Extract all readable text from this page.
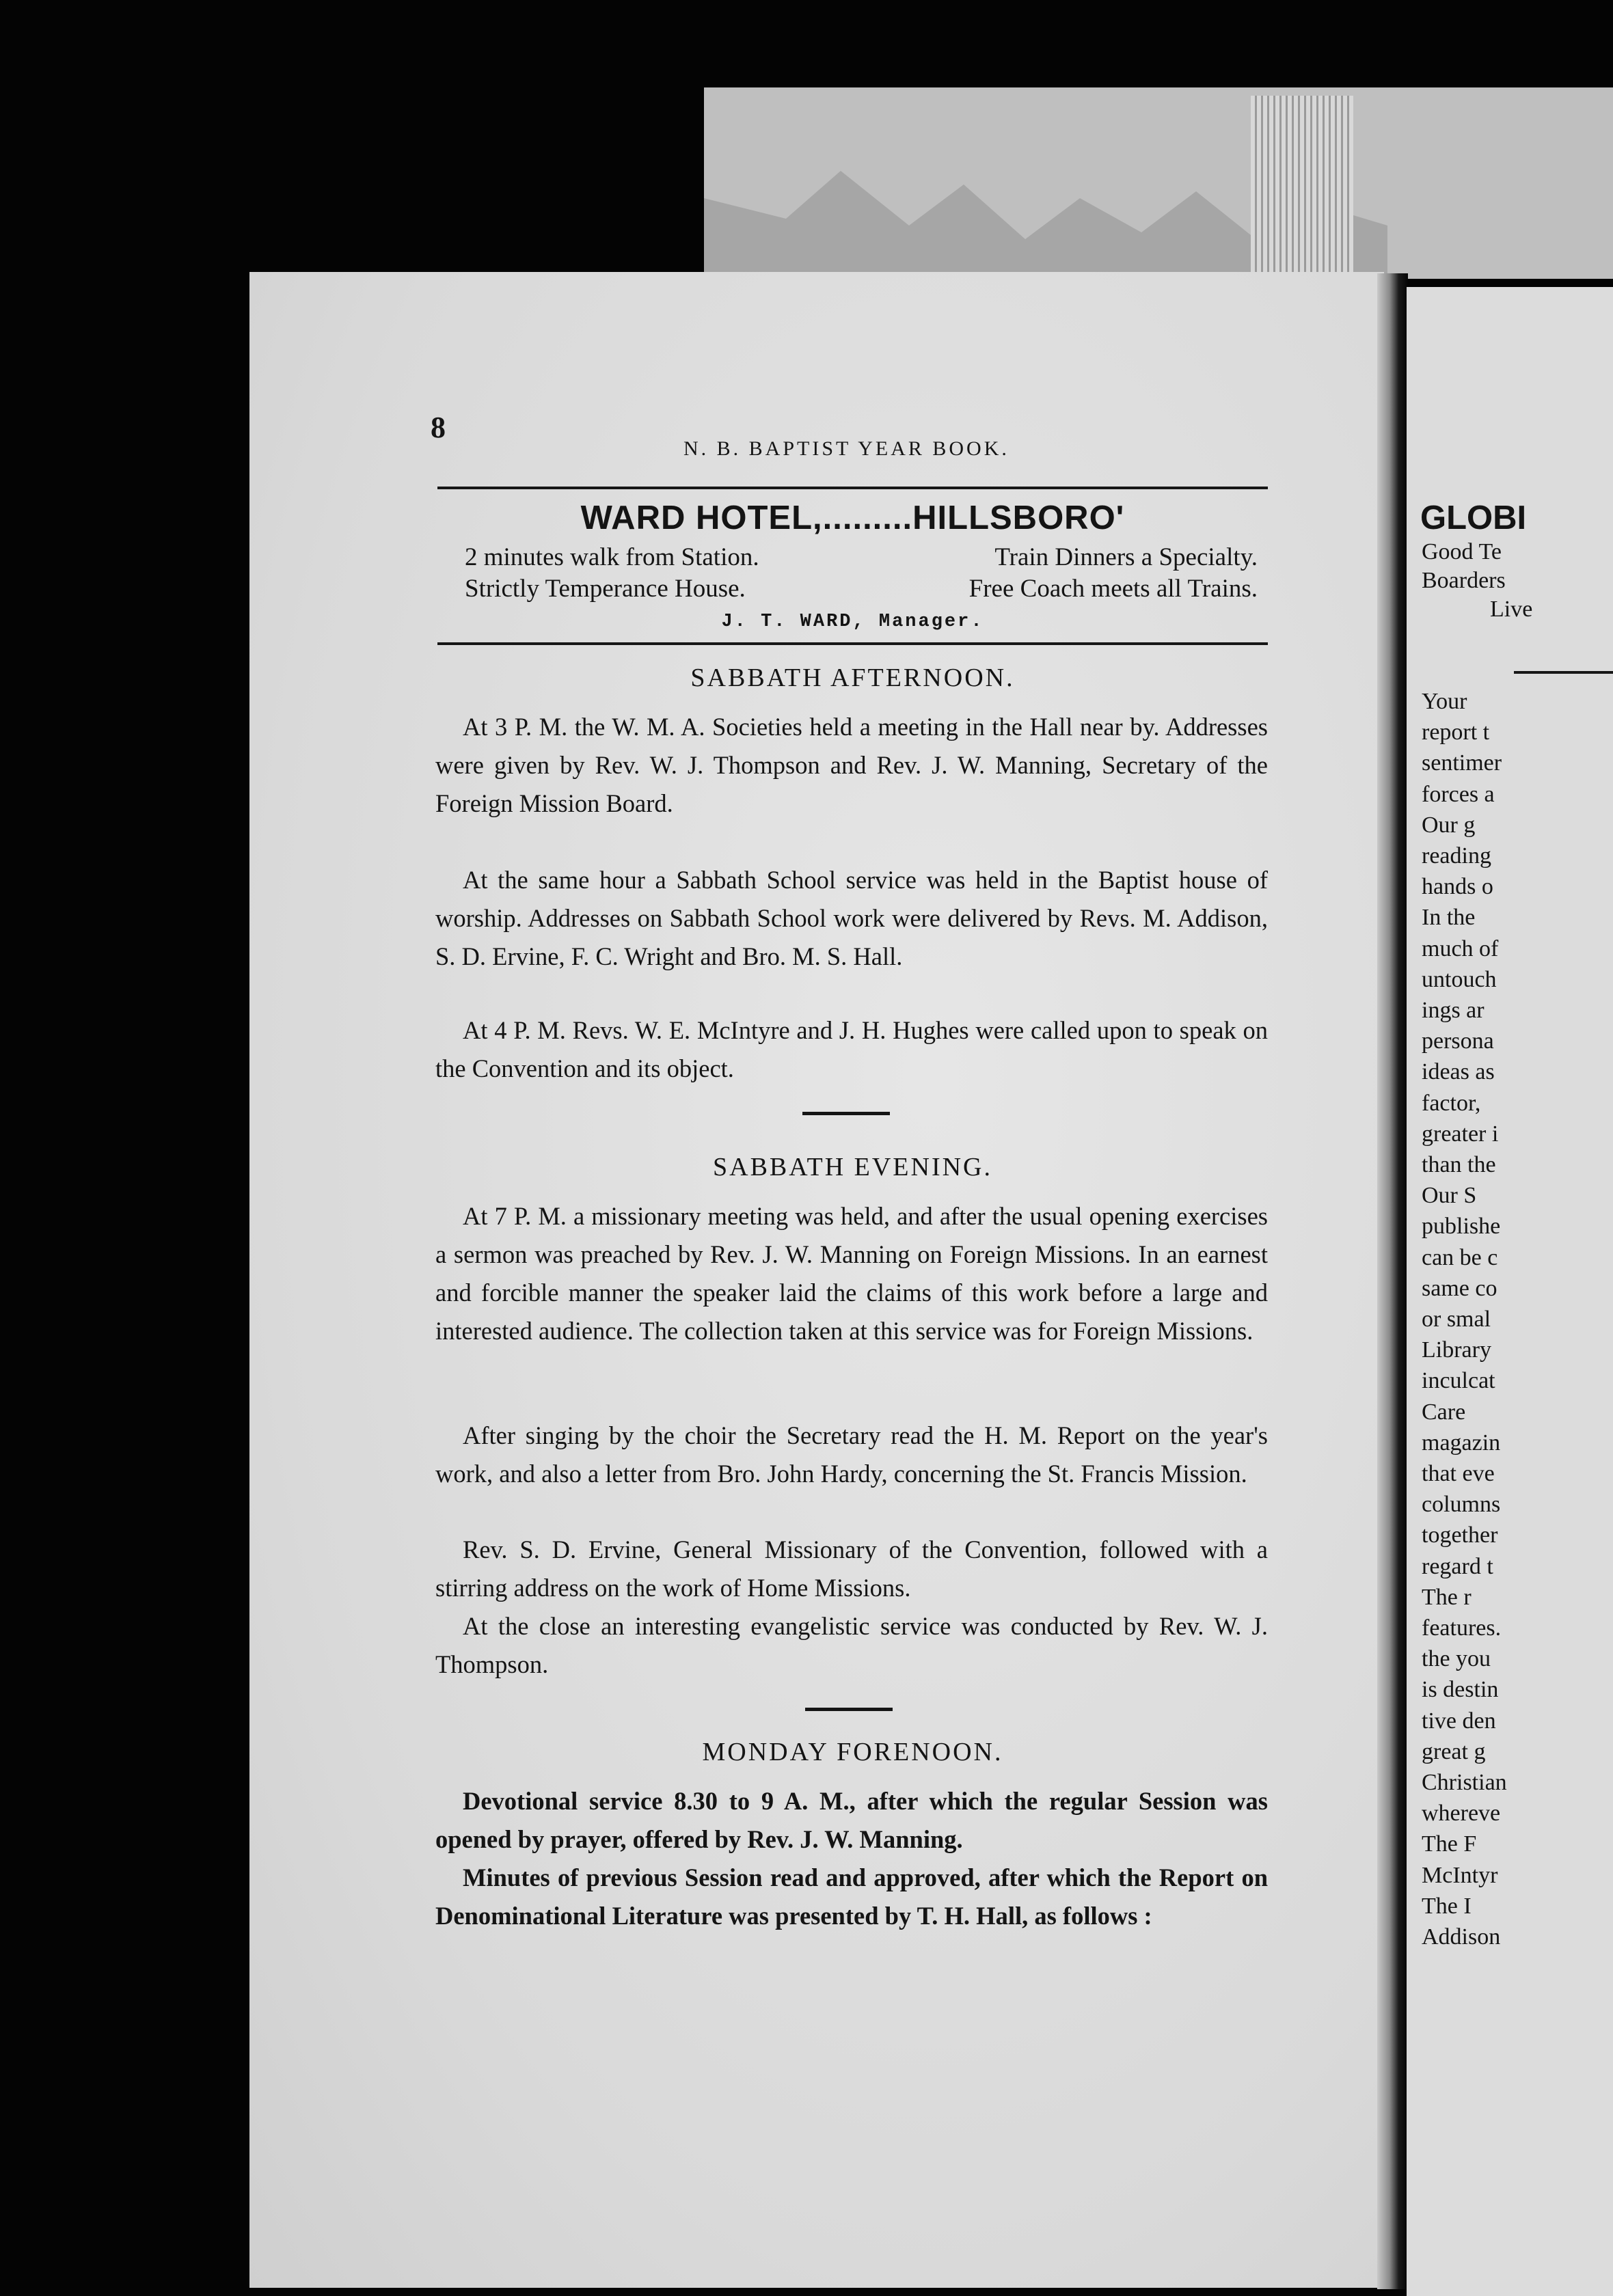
8
N. B. BAPTIST YEAR BOOK.
WARD HOTEL,.........HILLSBORO'
2 minutes walk from Station.	Train Dinners a Specialty.
Strictly Temperance House.	Free Coach meets all Trains.
J. T. WARD, Manager.
SABBATH AFTERNOON.

At 3 P. M. the W. M. A. Societies held a meeting in the Hall near by. Addresses were given by Rev. W. J. Thompson and Rev. J. W. Manning, Secretary of the Foreign Mission Board.

At the same hour a Sabbath School service was held in the Baptist house of worship. Addresses on Sabbath School work were delivered by Revs. M. Addison, S. D. Ervine, F. C. Wright and Bro. M. S. Hall.

At 4 P. M. Revs. W. E. McIntyre and J. H. Hughes were called upon to speak on the Convention and its object.

SABBATH EVENING.

At 7 P. M. a missionary meeting was held, and after the usual opening exercises a sermon was preached by Rev. J. W. Manning on Foreign Missions. In an earnest and forcible manner the speaker laid the claims of this work before a large and interested audience. The collection taken at this service was for Foreign Missions.

After singing by the choir the Secretary read the H. M. Report on the year's work, and also a letter from Bro. John Hardy, concerning the St. Francis Mission.

Rev. S. D. Ervine, General Missionary of the Convention, followed with a stirring address on the work of Home Missions.

At the close an interesting evangelistic service was conducted by Rev. W. J. Thompson.

MONDAY FORENOON.

Devotional service 8.30 to 9 A. M., after which the regular Session was opened by prayer, offered by Rev. J. W. Manning.

Minutes of previous Session read and approved, after which the Report on Denominational Literature was presented by T. H. Hall, as follows :

GLOBI
Good Te
Boarders
Live
Your
report t
sentimer
forces a
Our g
reading
hands o
In the
much of
untouch
ings ar
persona
ideas as
factor,
greater i
than the
Our S
publishe
can be c
same co
or smal
Library
inculcat
Care
magazin
that eve
columns
together
regard t
The r
features.
the you
is destin
tive den
great g
Christian
whereve
The F
McIntyr
The I
Addison
